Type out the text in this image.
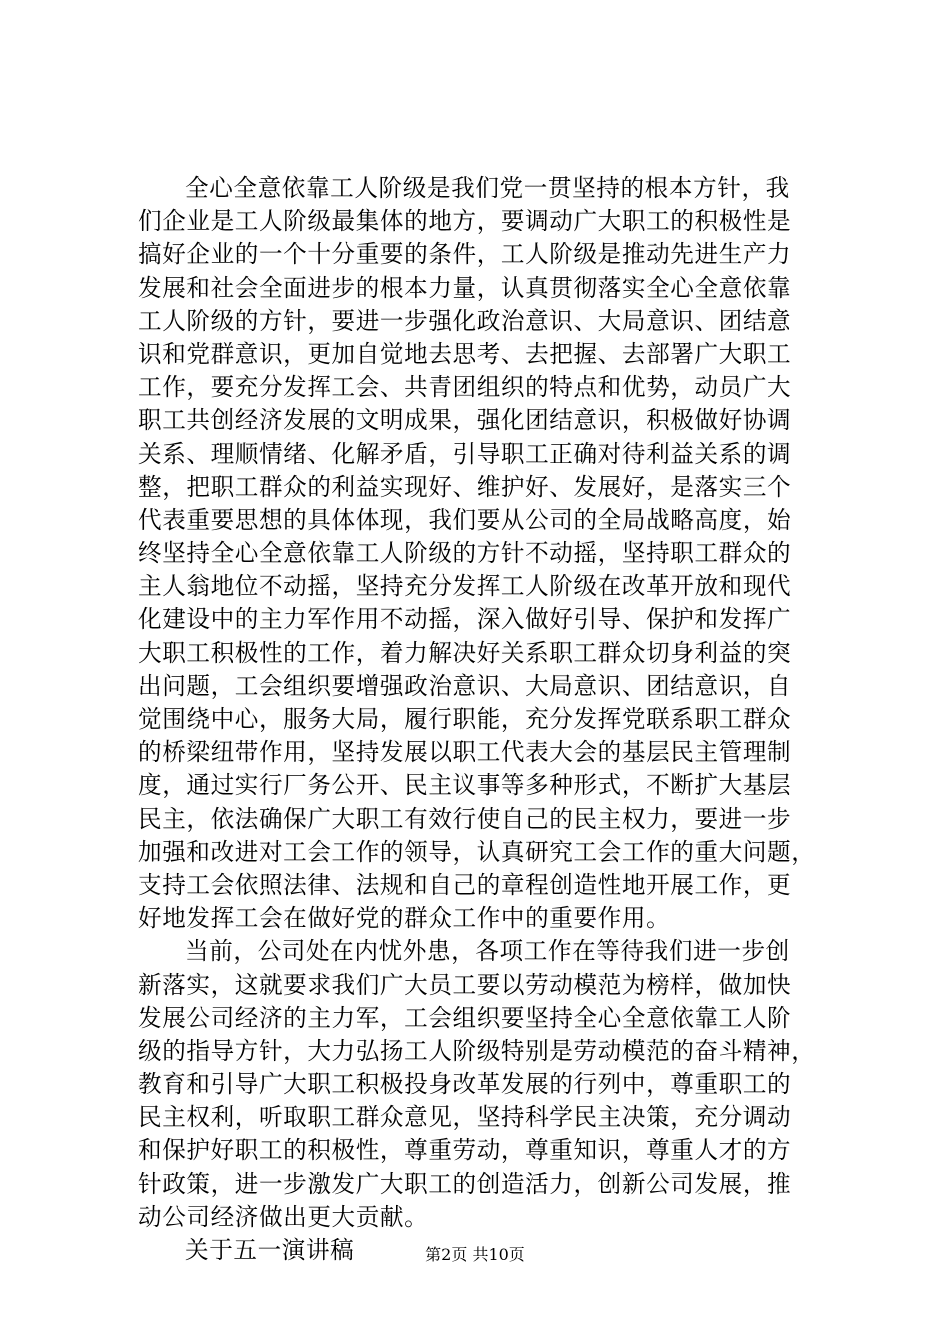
全心全意依靠工人阶级是我们党一贯坚持的根本方针，我
们企业是工人阶级最集体的地方，要调动广大职工的积极性是
搞好企业的一个十分重要的条件，工人阶级是推动先进生产力
发展和社会全面进步的根本力量，认真贯彻落实全心全意依靠
工人阶级的方针，要进一步强化政治意识、大局意识、团结意
识和党群意识，更加自觉地去思考、去把握、去部署广大职工
工作，要充分发挥工会、共青团组织的特点和优势，动员广大
职工共创经济发展的文明成果，强化团结意识，积极做好协调
关系、理顺情绪、化解矛盾，引导职工正确对待利益关系的调
整，把职工群众的利益实现好、维护好、发展好，是落实三个
代表重要思想的具体体现，我们要从公司的全局战略高度，始
终坚持全心全意依靠工人阶级的方针不动摇，坚持职工群众的
主人翁地位不动摇，坚持充分发挥工人阶级在改革开放和现代
化建设中的主力军作用不动摇，深入做好引导、保护和发挥广
大职工积极性的工作，着力解决好关系职工群众切身利益的突
出问题，工会组织要增强政治意识、大局意识、团结意识，自
觉围绕中心，服务大局，履行职能，充分发挥党联系职工群众
的桥梁纽带作用，坚持发展以职工代表大会的基层民主管理制
度，通过实行厂务公开、民主议事等多种形式，不断扩大基层
民主，依法确保广大职工有效行使自己的民主权力，要进一步
加强和改进对工会工作的领导，认真研究工会工作的重大问题，
支持工会依照法律、法规和自己的章程创造性地开展工作，更
好地发挥工会在做好党的群众工作中的重要作用。
当前，公司处在内忧外患，各项工作在等待我们进一步创
新落实，这就要求我们广大员工要以劳动模范为榜样，做加快
发展公司经济的主力军，工会组织要坚持全心全意依靠工人阶
级的指导方针，大力弘扬工人阶级特别是劳动模范的奋斗精神，
教育和引导广大职工积极投身改革发展的行列中，尊重职工的
民主权利，听取职工群众意见，坚持科学民主决策，充分调动
和保护好职工的积极性，尊重劳动，尊重知识，尊重人才的方
针政策，进一步激发广大职工的创造活力，创新公司发展，推
动公司经济做出更大贡献。
关于五一演讲稿	第2页 共10页
